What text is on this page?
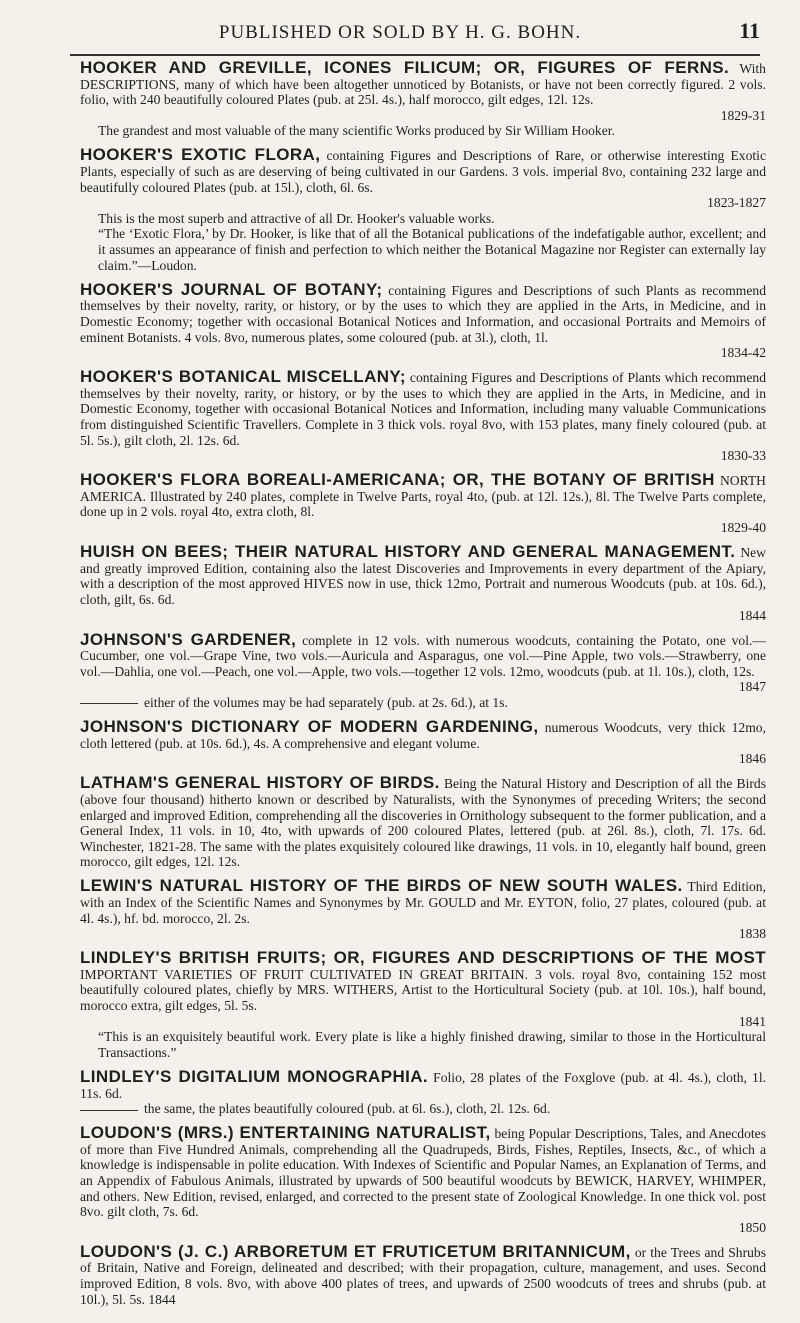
PUBLISHED OR SOLD BY H. G. BOHN.	11
HOOKER AND GREVILLE, ICONES FILICUM; OR, FIGURES OF FERNS. With DESCRIPTIONS, many of which have been altogether unnoticed by Botanists, or have not been correctly figured. 2 vols. folio, with 240 beautifully coloured Plates (pub. at 25l. 4s.), half morocco, gilt edges, 12l. 12s.
1829-31
The grandest and most valuable of the many scientific Works produced by Sir William Hooker.
HOOKER'S EXOTIC FLORA, containing Figures and Descriptions of Rare, or otherwise interesting Exotic Plants, especially of such as are deserving of being cultivated in our Gardens. 3 vols. imperial 8vo, containing 232 large and beautifully coloured Plates (pub. at 15l.), cloth, 6l. 6s.
1823-1827
This is the most superb and attractive of all Dr. Hooker's valuable works.
“The ‘Exotic Flora,’ by Dr. Hooker, is like that of all the Botanical publications of the indefatigable author, excellent; and it assumes an appearance of finish and perfection to which neither the Botanical Magazine nor Register can externally lay claim.”—Loudon.
HOOKER'S JOURNAL OF BOTANY; containing Figures and Descriptions of such Plants as recommend themselves by their novelty, rarity, or history, or by the uses to which they are applied in the Arts, in Medicine, and in Domestic Economy; together with occasional Botanical Notices and Information, and occasional Portraits and Memoirs of eminent Botanists. 4 vols. 8vo, numerous plates, some coloured (pub. at 3l.), cloth, 1l.
1834-42
HOOKER'S BOTANICAL MISCELLANY; containing Figures and Descriptions of Plants which recommend themselves by their novelty, rarity, or history, or by the uses to which they are applied in the Arts, in Medicine, and in Domestic Economy, together with occasional Botanical Notices and Information, including many valuable Communications from distinguished Scientific Travellers. Complete in 3 thick vols. royal 8vo, with 153 plates, many finely coloured (pub. at 5l. 5s.), gilt cloth, 2l. 12s. 6d.
1830-33
HOOKER'S FLORA BOREALI-AMERICANA; OR, THE BOTANY OF BRITISH NORTH AMERICA. Illustrated by 240 plates, complete in Twelve Parts, royal 4to, (pub. at 12l. 12s.), 8l. The Twelve Parts complete, done up in 2 vols. royal 4to, extra cloth, 8l.
1829-40
HUISH ON BEES; THEIR NATURAL HISTORY AND GENERAL MANAGEMENT. New and greatly improved Edition, containing also the latest Discoveries and Improvements in every department of the Apiary, with a description of the most approved HIVES now in use, thick 12mo, Portrait and numerous Woodcuts (pub. at 10s. 6d.), cloth, gilt, 6s. 6d.
1844
JOHNSON'S GARDENER, complete in 12 vols. with numerous woodcuts, containing the Potato, one vol.—Cucumber, one vol.—Grape Vine, two vols.—Auricula and Asparagus, one vol.—Pine Apple, two vols.—Strawberry, one vol.—Dahlia, one vol.—Peach, one vol.—Apple, two vols.—together 12 vols. 12mo, woodcuts (pub. at 1l. 10s.), cloth, 12s.
1847
either of the volumes may be had separately (pub. at 2s. 6d.), at 1s.
JOHNSON'S DICTIONARY OF MODERN GARDENING, numerous Woodcuts, very thick 12mo, cloth lettered (pub. at 10s. 6d.), 4s. A comprehensive and elegant volume.
1846
LATHAM'S GENERAL HISTORY OF BIRDS. Being the Natural History and Description of all the Birds (above four thousand) hitherto known or described by Naturalists, with the Synonymes of preceding Writers; the second enlarged and improved Edition, comprehending all the discoveries in Ornithology subsequent to the former publication, and a General Index, 11 vols. in 10, 4to, with upwards of 200 coloured Plates, lettered (pub. at 26l. 8s.), cloth, 7l. 17s. 6d. Winchester, 1821-28. The same with the plates exquisitely coloured like drawings, 11 vols. in 10, elegantly half bound, green morocco, gilt edges, 12l. 12s.
LEWIN'S NATURAL HISTORY OF THE BIRDS OF NEW SOUTH WALES. Third Edition, with an Index of the Scientific Names and Synonymes by Mr. GOULD and Mr. EYTON, folio, 27 plates, coloured (pub. at 4l. 4s.), hf. bd. morocco, 2l. 2s.
1838
LINDLEY'S BRITISH FRUITS; OR, FIGURES AND DESCRIPTIONS OF THE MOST IMPORTANT VARIETIES OF FRUIT CULTIVATED IN GREAT BRITAIN. 3 vols. royal 8vo, containing 152 most beautifully coloured plates, chiefly by MRS. WITHERS, Artist to the Horticultural Society (pub. at 10l. 10s.), half bound, morocco extra, gilt edges, 5l. 5s.
1841
“This is an exquisitely beautiful work. Every plate is like a highly finished drawing, similar to those in the Horticultural Transactions.”
LINDLEY'S DIGITALIUM MONOGRAPHIA. Folio, 28 plates of the Foxglove (pub. at 4l. 4s.), cloth, 1l. 11s. 6d.
the same, the plates beautifully coloured (pub. at 6l. 6s.), cloth, 2l. 12s. 6d.
LOUDON'S (MRS.) ENTERTAINING NATURALIST, being Popular Descriptions, Tales, and Anecdotes of more than Five Hundred Animals, comprehending all the Quadrupeds, Birds, Fishes, Reptiles, Insects, &c., of which a knowledge is indispensable in polite education. With Indexes of Scientific and Popular Names, an Explanation of Terms, and an Appendix of Fabulous Animals, illustrated by upwards of 500 beautiful woodcuts by BEWICK, HARVEY, WHIMPER, and others. New Edition, revised, enlarged, and corrected to the present state of Zoological Knowledge. In one thick vol. post 8vo. gilt cloth, 7s. 6d.
1850
LOUDON'S (J. C.) ARBORETUM ET FRUTICETUM BRITANNICUM, or the Trees and Shrubs of Britain, Native and Foreign, delineated and described; with their propagation, culture, management, and uses. Second improved Edition, 8 vols. 8vo, with above 400 plates of trees, and upwards of 2500 woodcuts of trees and shrubs (pub. at 10l.), 5l. 5s. 1844
